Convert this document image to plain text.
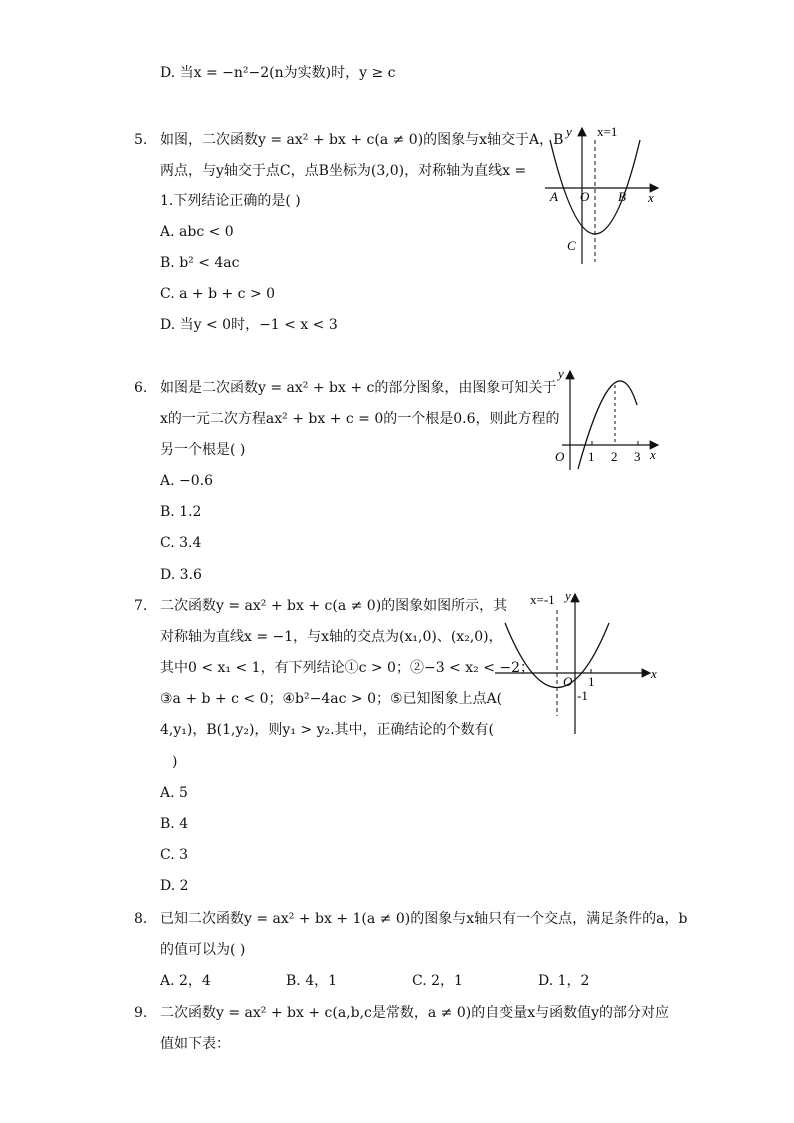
D. 当x = −n²−2(n为实数)时，y ≥ c
5. 如图，二次函数y = ax² + bx + c(a ≠ 0)的图象与x轴交于A，B
两点，与y轴交于点C，点B坐标为(3,0)，对称轴为直线x =
1.下列结论正确的是( )
A. abc < 0
B. b² < 4ac
C. a + b + c > 0
D. 当y < 0时，−1 < x < 3
x=1
y
x
A O B
C
6. 如图是二次函数y = ax² + bx + c的部分图象，由图象可知关于
x的一元二次方程ax² + bx + c = 0的一个根是0.6，则此方程的
另一个根是( )
A. −0.6
B. 1.2
C. 3.4
D. 3.6
y
x
O 1 2 3
7. 二次函数y = ax² + bx + c(a ≠ 0)的图象如图所示，其
对称轴为直线x = −1，与x轴的交点为(x₁,0)、(x₂,0)，
其中0 < x₁ < 1，有下列结论①c > 0；②−3 < x₂ < −2；
③a + b + c < 0；④b²−4ac > 0；⑤已知图象上点A(
4,y₁)，B(1,y₂)，则y₁ > y₂.其中，正确结论的个数有(
)
A. 5
B. 4
C. 3
D. 2
x=-1 y
x
O 1
-1
8. 已知二次函数y = ax² + bx + 1(a ≠ 0)的图象与x轴只有一个交点，满足条件的a，b
的值可以为( )
A. 2，4	B. 4，1	C. 2，1	D. 1，2
9. 二次函数y = ax² + bx + c(a,b,c是常数，a ≠ 0)的自变量x与函数值y的部分对应
值如下表：
